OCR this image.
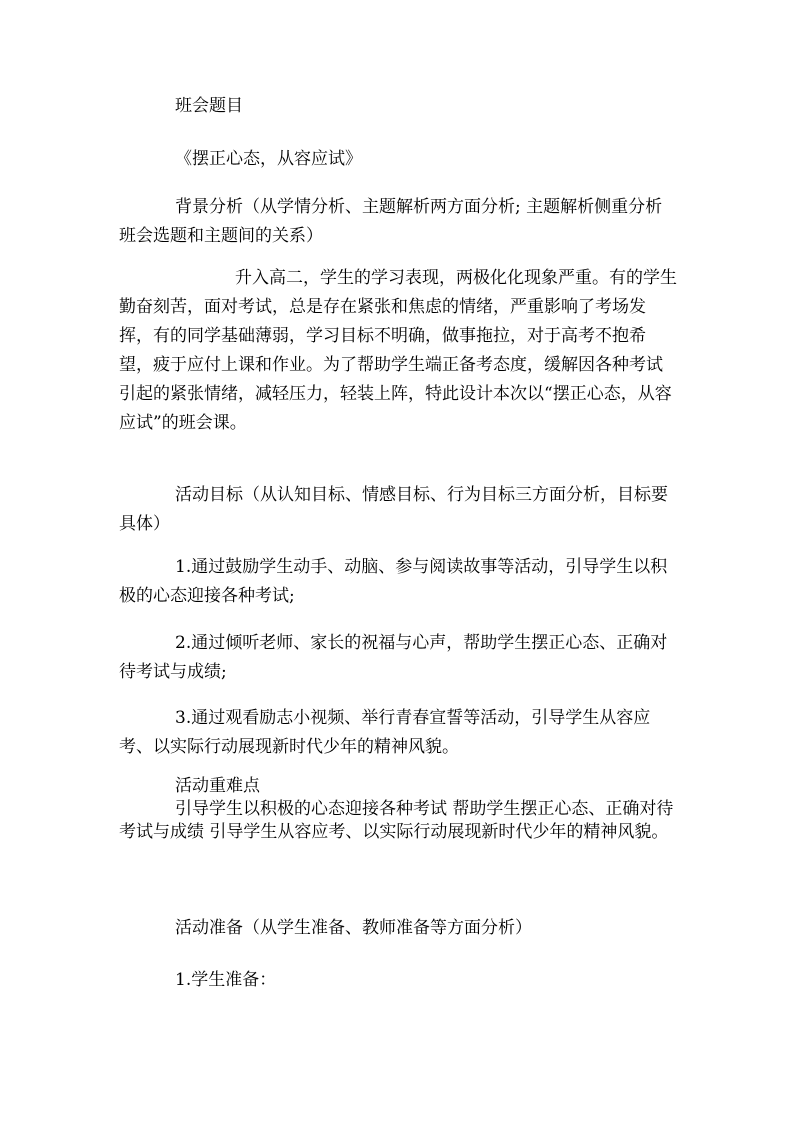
班会题目

《摆正心态，从容应试》

背景分析（从学情分析、主题解析两方面分析; 主题解析侧重分析班会选题和主题间的关系）

升入高二，学生的学习表现，两极化化现象严重。有的学生勤奋刻苦，面对考试，总是存在紧张和焦虑的情绪，严重影响了考场发挥，有的同学基础薄弱，学习目标不明确，做事拖拉，对于高考不抱希望，疲于应付上课和作业。为了帮助学生端正备考态度，缓解因各种考试引起的紧张情绪，减轻压力，轻装上阵，特此设计本次以“摆正心态，从容应试”的班会课。

活动目标（从认知目标、情感目标、行为目标三方面分析，目标要具体）

1.通过鼓励学生动手、动脑、参与阅读故事等活动，引导学生以积极的心态迎接各种考试;

2.通过倾听老师、家长的祝福与心声，帮助学生摆正心态、正确对待考试与成绩;

3.通过观看励志小视频、举行青春宣誓等活动，引导学生从容应考、以实际行动展现新时代少年的精神风貌。

活动重难点

引导学生以积极的心态迎接各种考试 帮助学生摆正心态、正确对待考试与成绩 引导学生从容应考、以实际行动展现新时代少年的精神风貌。

活动准备（从学生准备、教师准备等方面分析）

1.学生准备：
